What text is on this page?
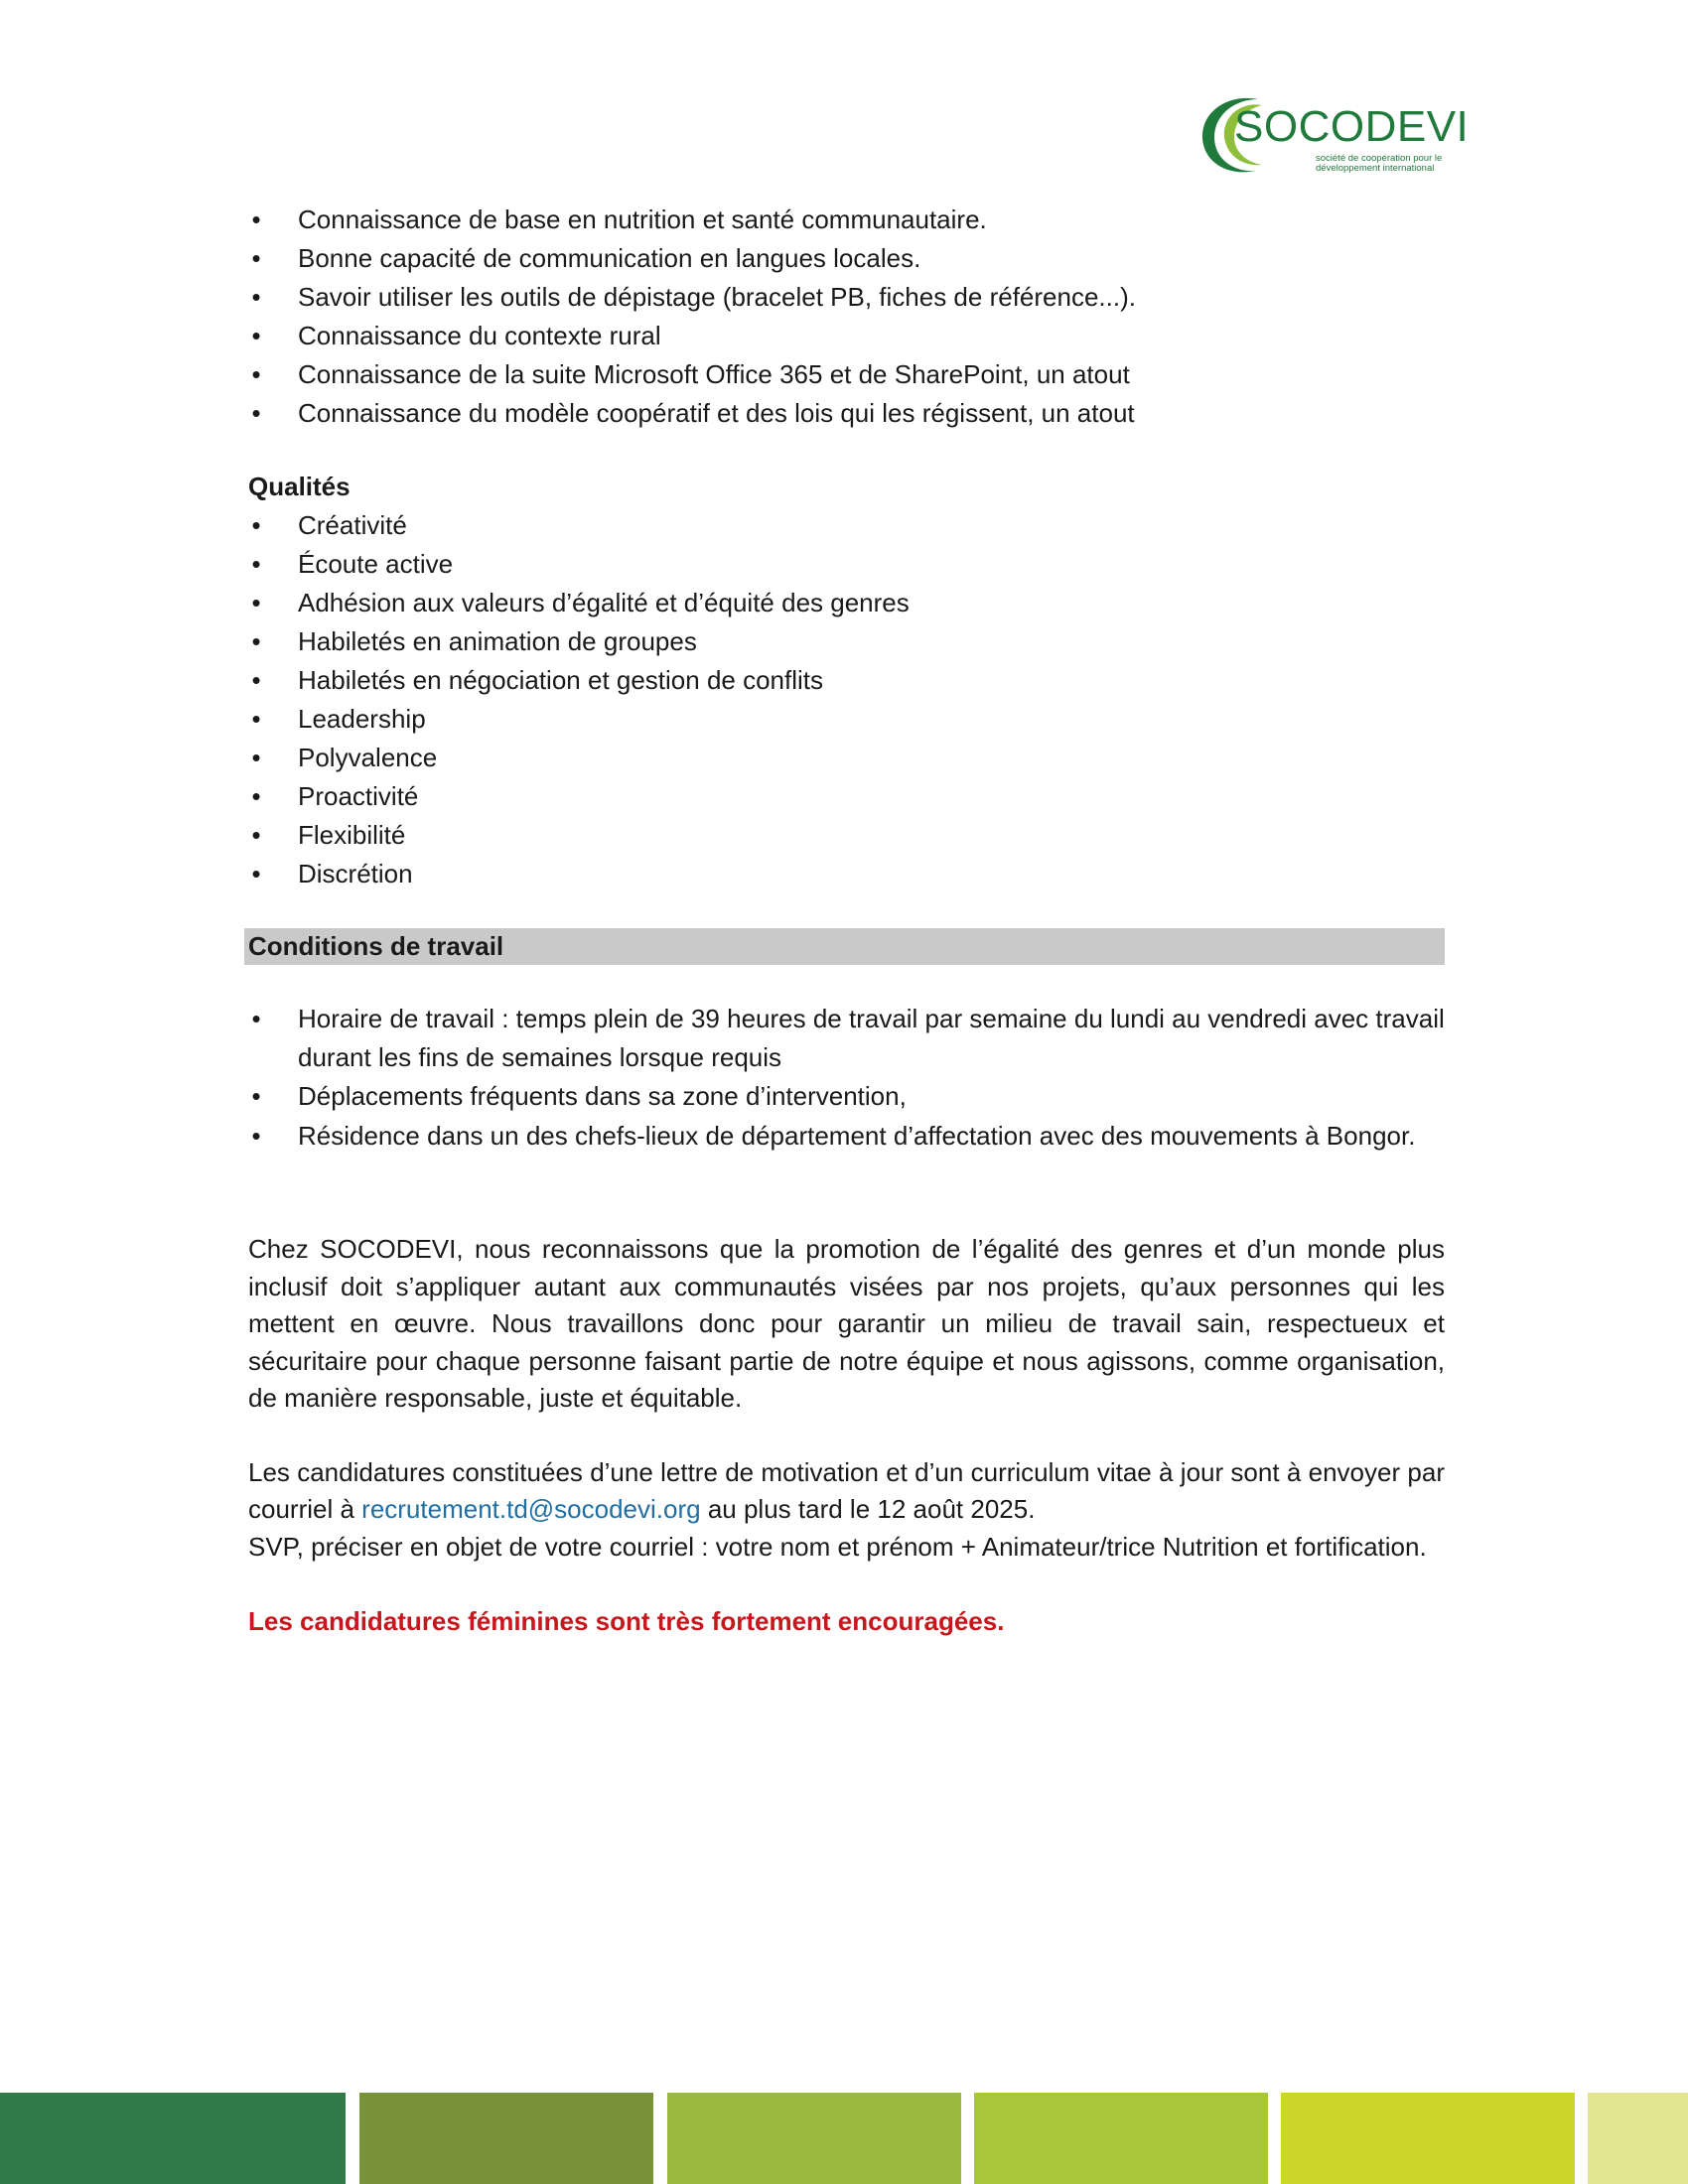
SOCODEVI
société de coopération pour le
développement international
• Connaissance de base en nutrition et santé communautaire.
• Bonne capacité de communication en langues locales.
• Savoir utiliser les outils de dépistage (bracelet PB, fiches de référence...).
• Connaissance du contexte rural
• Connaissance de la suite Microsoft Office 365 et de SharePoint, un atout
• Connaissance du modèle coopératif et des lois qui les régissent, un atout

Qualités

• Créativité
• Écoute active
• Adhésion aux valeurs d’égalité et d’équité des genres
• Habiletés en animation de groupes
• Habiletés en négociation et gestion de conflits
• Leadership
• Polyvalence
• Proactivité
• Flexibilité
• Discrétion
Conditions de travail
• Horaire de travail : temps plein de 39 heures de travail par semaine du lundi au vendredi avec travail durant les fins de semaines lorsque requis
• Déplacements fréquents dans sa zone d’intervention,
• Résidence dans un des chefs-lieux de département d’affectation avec des mouvements à Bongor.

Chez SOCODEVI, nous reconnaissons que la promotion de l’égalité des genres et d’un monde plus inclusif doit s’appliquer autant aux communautés visées par nos projets, qu’aux personnes qui les mettent en œuvre. Nous travaillons donc pour garantir un milieu de travail sain, respectueux et sécuritaire pour chaque personne faisant partie de notre équipe et nous agissons, comme organisation, de manière responsable, juste et équitable.

Les candidatures constituées d’une lettre de motivation et d’un curriculum vitae à jour sont à envoyer par courriel à recrutement.td@socodevi.org au plus tard le 12 août 2025.

SVP, préciser en objet de votre courriel : votre nom et prénom + Animateur/trice Nutrition et fortification.

Les candidatures féminines sont très fortement encouragées.
